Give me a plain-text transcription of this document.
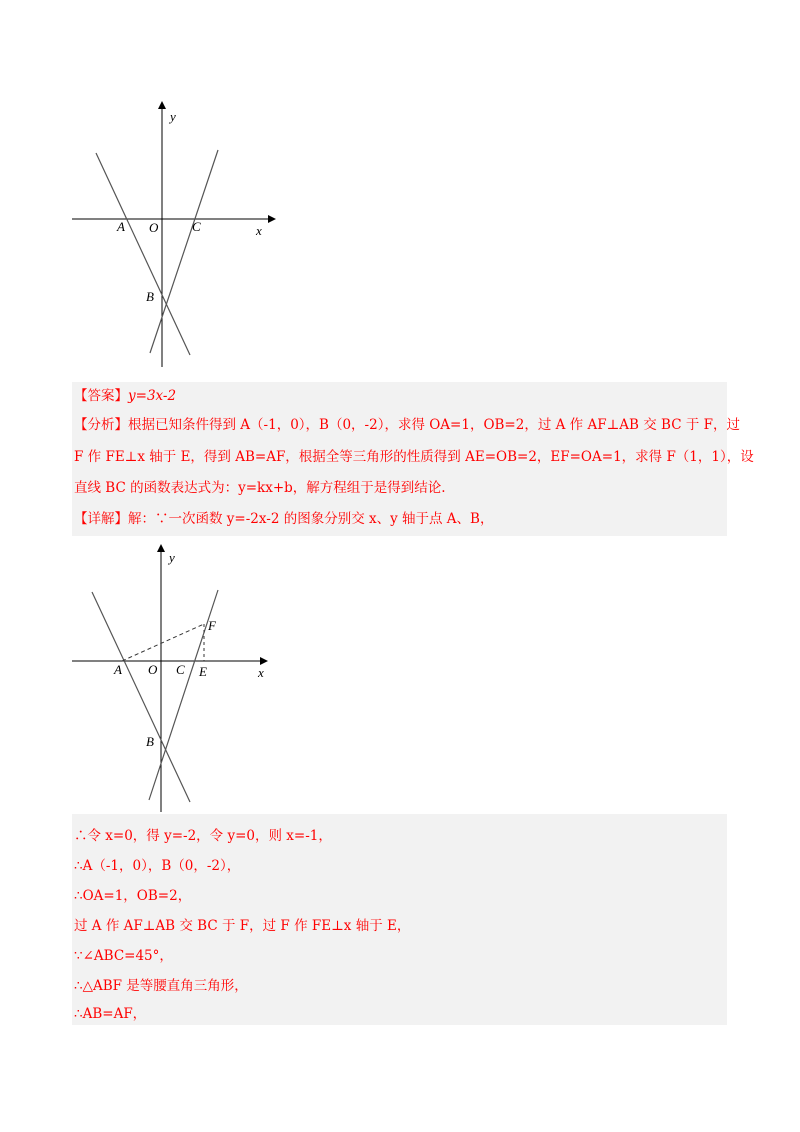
y
x
A O	C
B
【答案】y=3x-2
【分析】根据已知条件得到 A（-1，0），B（0，-2），求得 OA=1，OB=2，过 A 作 AF⊥AB 交 BC 于 F，过
F 作 FE⊥x 轴于 E，得到 AB=AF，根据全等三角形的性质得到 AE=OB=2，EF=OA=1，求得 F（1，1），设
直线 BC 的函数表达式为：y=kx+b，解方程组于是得到结论.
【详解】解：∵一次函数 y=-2x-2 的图象分别交 x、y 轴于点 A、B，
y
x
A O C E
F
B
∴令 x=0，得 y=-2，令 y=0，则 x=-1，
∴A（-1，0），B（0，-2），
∴OA=1，OB=2，
过 A 作 AF⊥AB 交 BC 于 F，过 F 作 FE⊥x 轴于 E，
∵∠ABC=45°，
∴△ABF 是等腰直角三角形，
∴AB=AF，
